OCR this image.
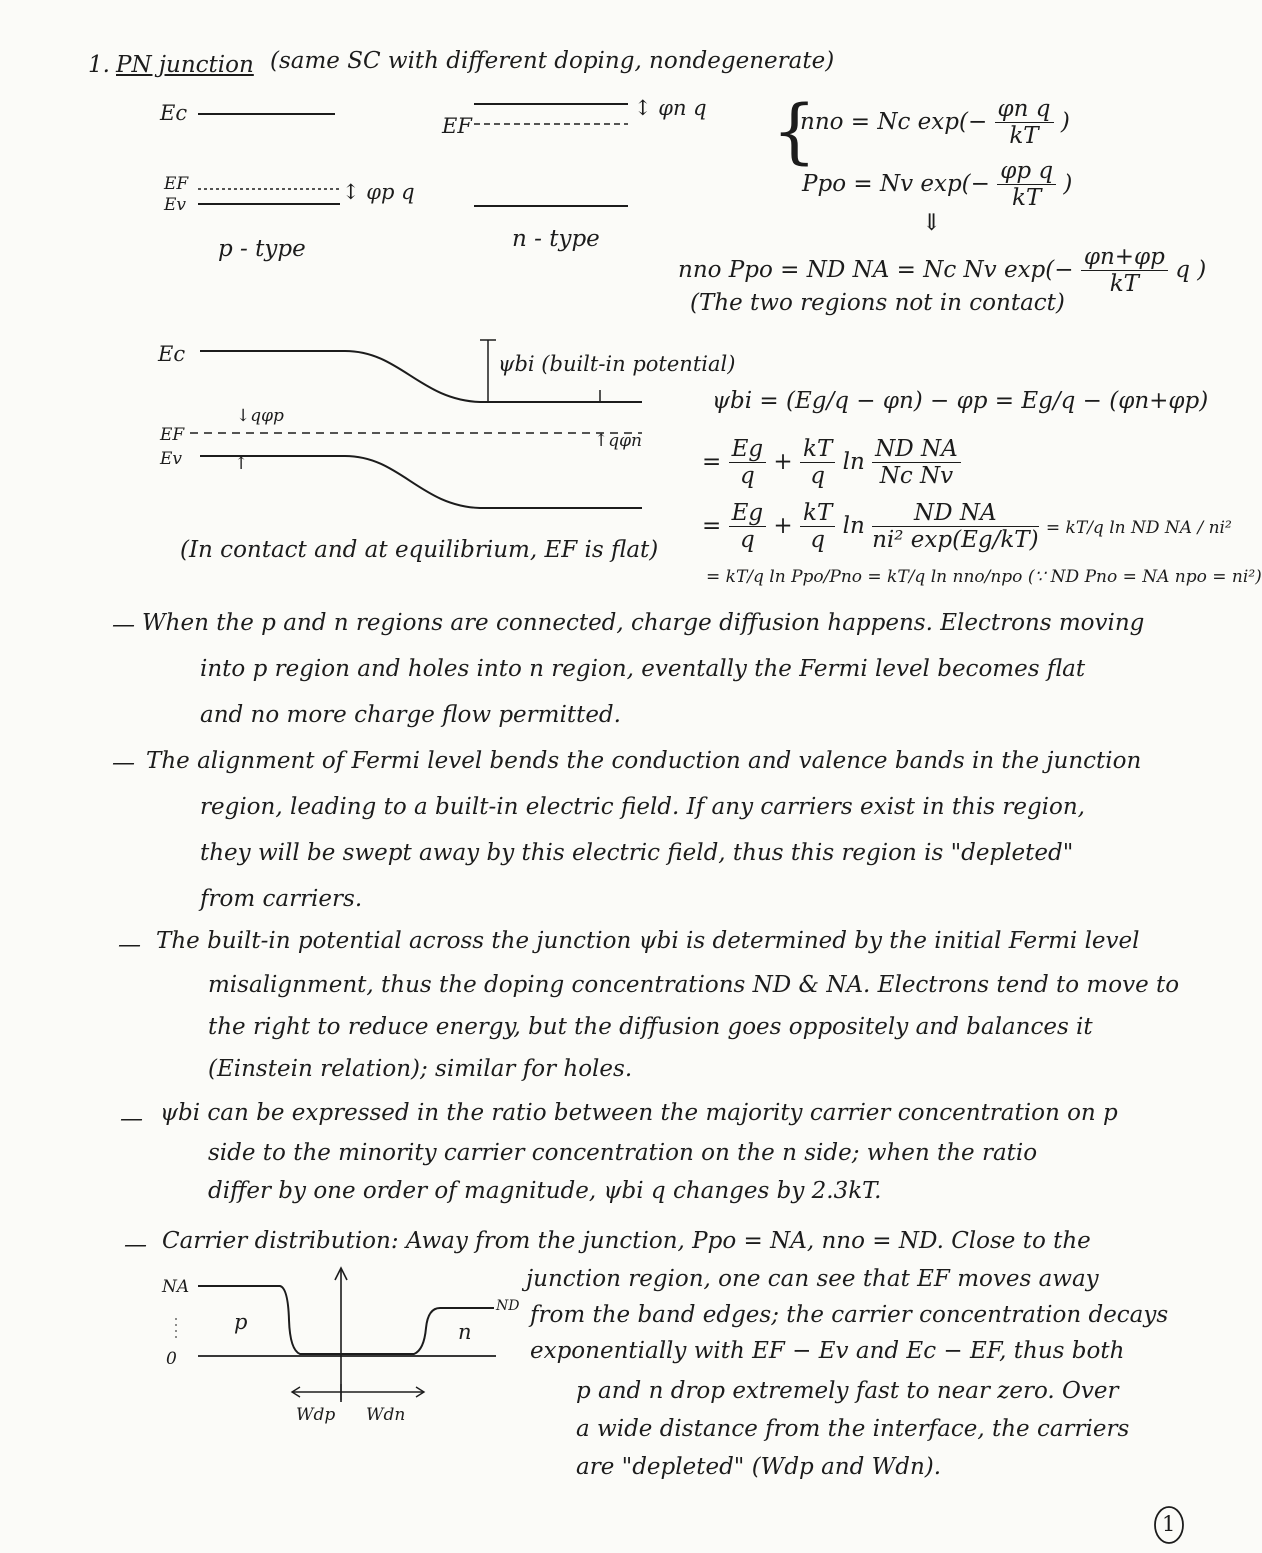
1. PN junction (same SC with different doping, nondegenerate)
Ec
EF
Ev
↕ φp q
p - type
EF
↕ φn q
n - type
{
nno = Nc $\exp(- \frac{\text{φn q}}{kT}$ )
Ppo = Nv $\exp(- \frac{\text{φp q}}{kT}$ )
⇓
nno Ppo = ND NA = Nc Nv $\exp(- \frac{\varphi n+\varphi p}{kT}$ q )
(The two regions not in contact)
Ec
EF
Ev
↓qφp
↑
ψbi (built-in potential)
↑qφn
(In contact and at equilibrium, EF is flat)
ψbi = (Eg/q − φn) − φp = Eg/q − (φn+φp)
= $\frac{Eg}{q} + \frac{kT}{q}$ $\ln \frac{\text{ND NA}}{\text{Nc Nv}}$
= $\frac{Eg}{q} + \frac{kT}{q}$ $\ln \frac{\text{ND NA}}{\text{ni² exp(Eg/kT)}} = kT/q$ ln ND NA / ni²
= kT/q ln Ppo/Pno = kT/q ln nno/npo (∵ ND Pno = NA npo = ni²)
— When the p and n regions are connected, charge diffusion happens. Electrons moving
into p region and holes into n region, eventally the Fermi level becomes flat
and no more charge flow permitted.
— The alignment of Fermi level bends the conduction and valence bands in the junction
region, leading to a built-in electric field. If any carriers exist in this region,
they will be swept away by this electric field, thus this region is "depleted"
from carriers.
— The built-in potential across the junction ψbi is determined by the initial Fermi level
misalignment, thus the doping concentrations ND & NA. Electrons tend to move to
the right to reduce energy, but the diffusion goes oppositely and balances it
(Einstein relation); similar for holes.
— ψbi can be expressed in the ratio between the majority carrier concentration on p
side to the minority carrier concentration on the n side; when the ratio
differ by one order of magnitude, ψbi q changes by 2.3kT.
— Carrier distribution: Away from the junction, Ppo = NA, nno = ND. Close to the
junction region, one can see that EF moves away
from the band edges; the carrier concentration decays
exponentially with EF − Ev and Ec − EF, thus both
p and n drop extremely fast to near zero. Over
a wide distance from the interface, the carriers
are "depleted" (Wdp and Wdn).
NA
0
p	n
ND
Wdp Wdn
1
